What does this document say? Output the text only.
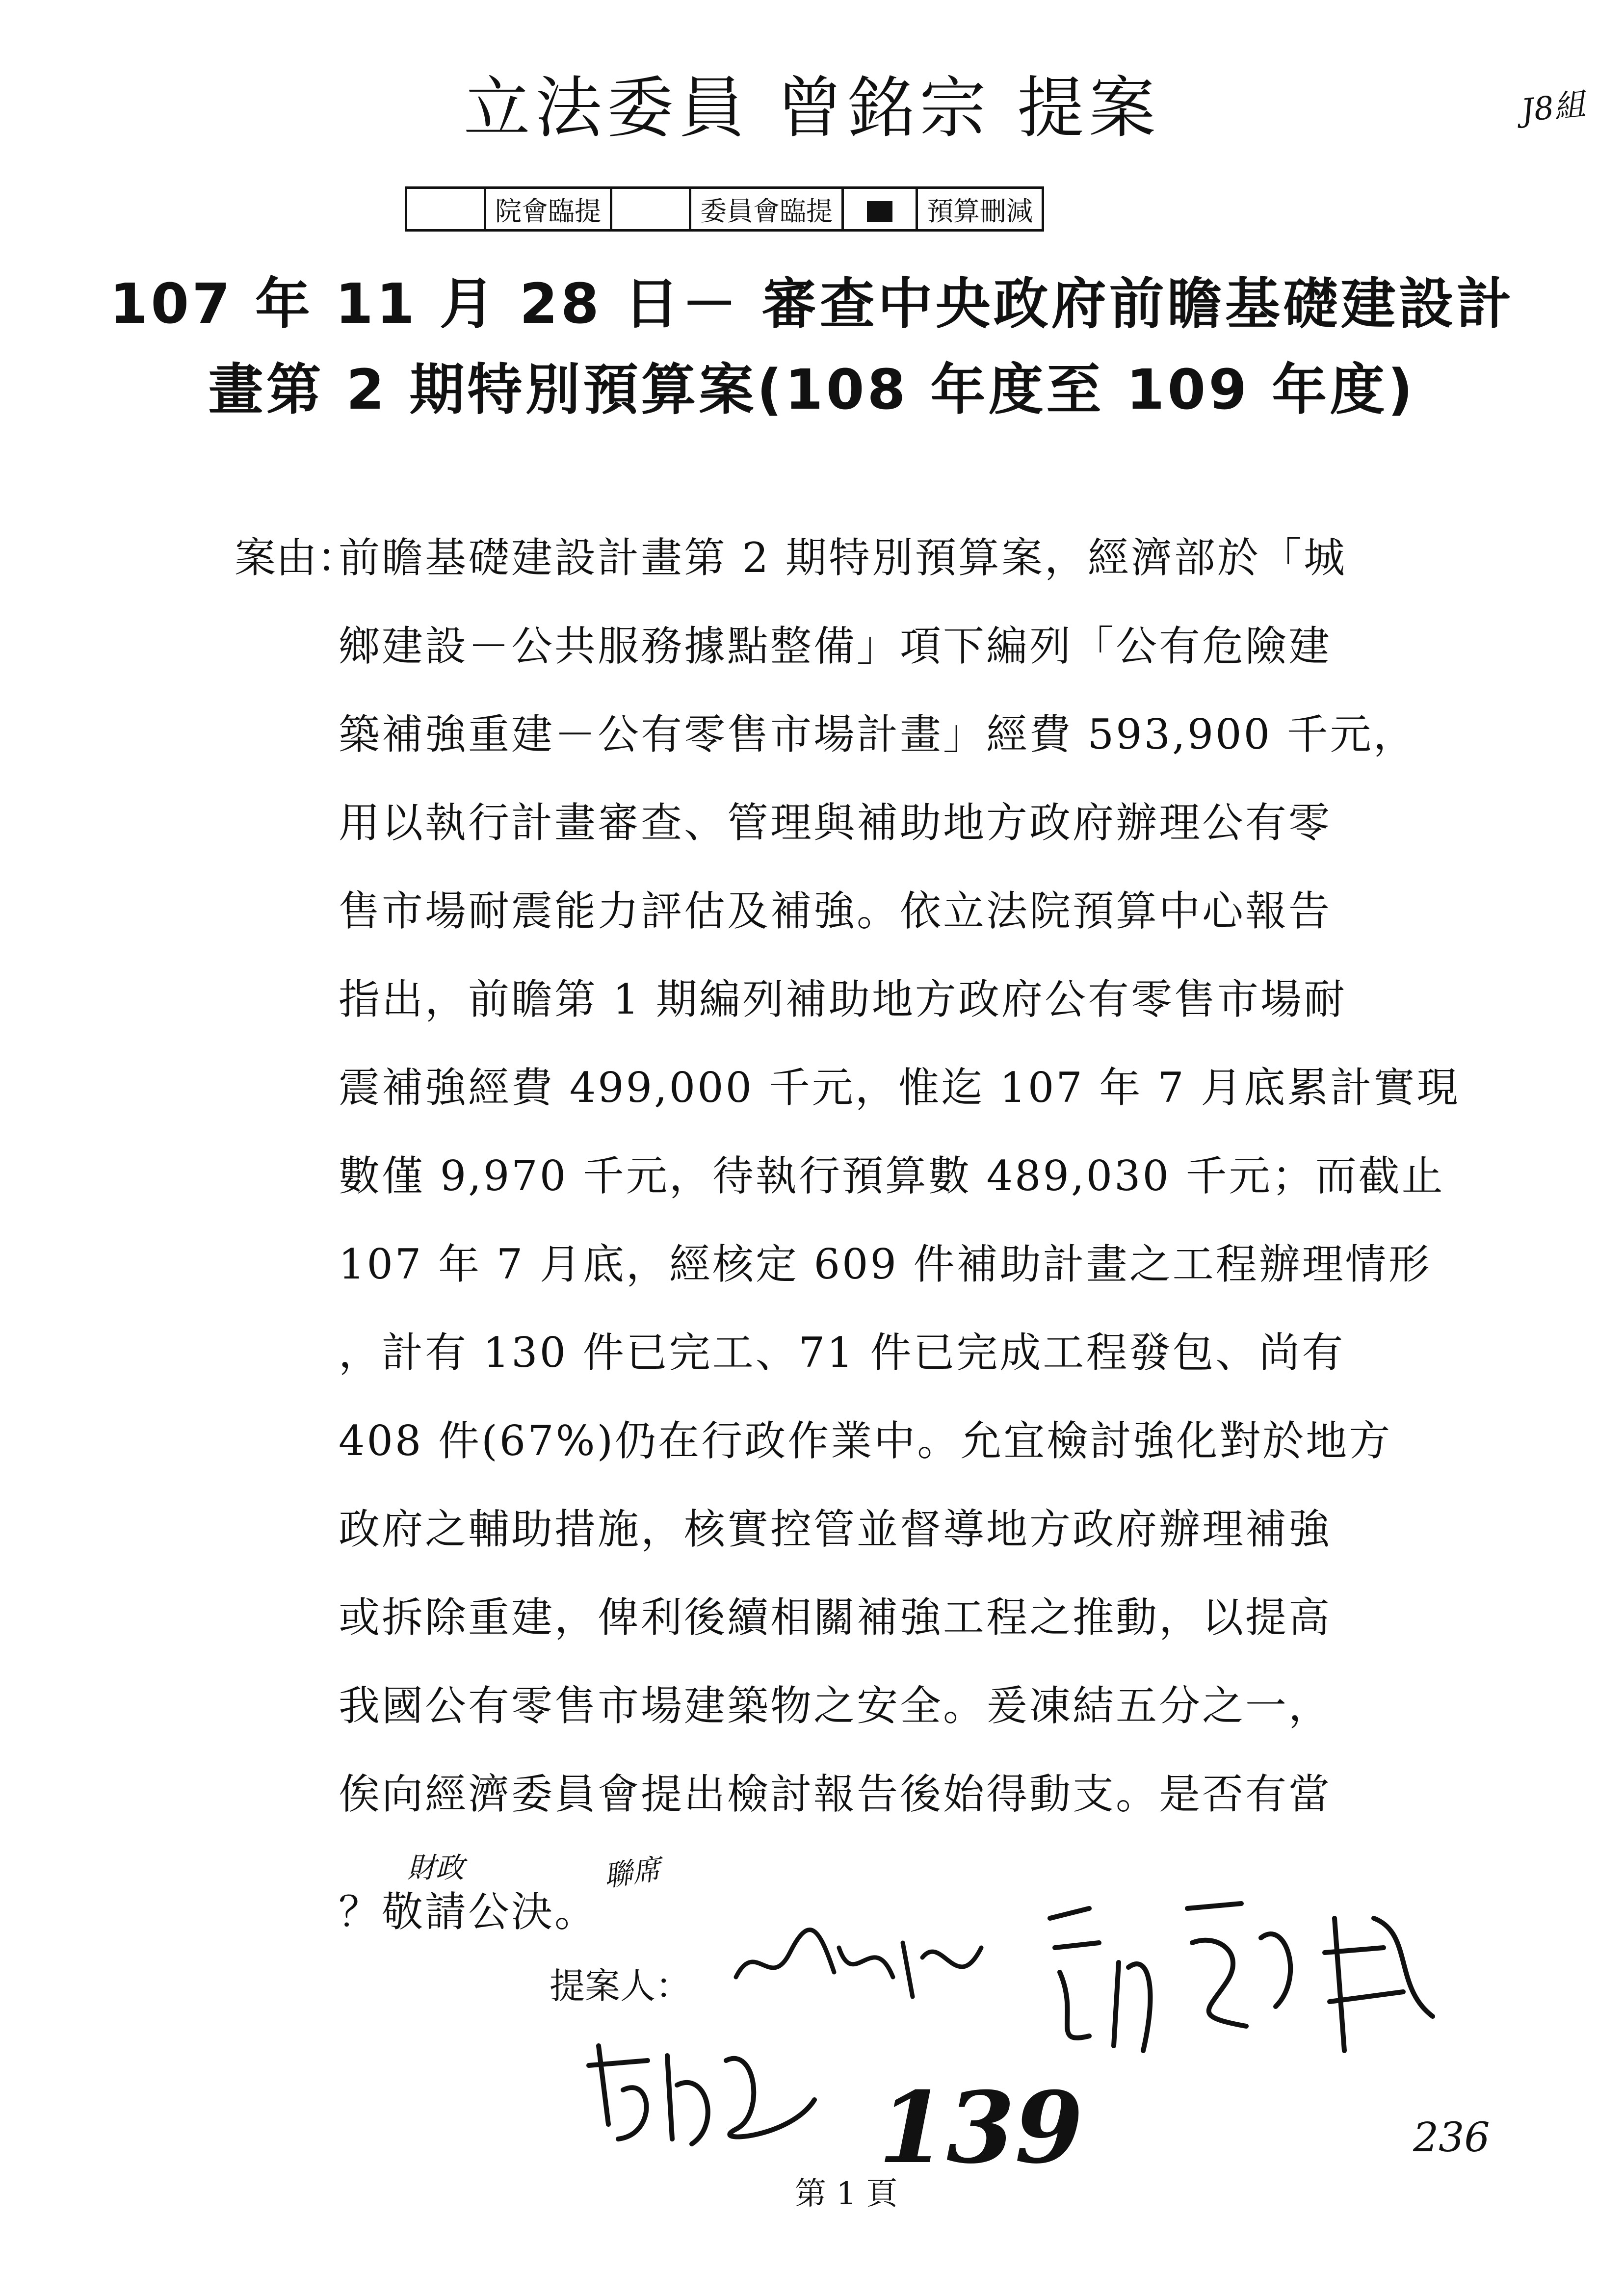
立法委員 曾銘宗 提案	J8組
	院會臨提		委員會臨提		預算刪減
107 年 11 月 28 日－ 審查中央政府前瞻基礎建設計
畫第 2 期特別預算案(108 年度至 109 年度)
案由：
前瞻基礎建設計畫第 2 期特別預算案，經濟部於「城
鄉建設－公共服務據點整備」項下編列「公有危險建
築補強重建－公有零售市場計畫」經費 593,900 千元，
用以執行計畫審查、管理與補助地方政府辦理公有零
售市場耐震能力評估及補強。依立法院預算中心報告
指出，前瞻第 1 期編列補助地方政府公有零售市場耐
震補強經費 499,000 千元，惟迄 107 年 7 月底累計實現
數僅 9,970 千元，待執行預算數 489,030 千元；而截止
107 年 7 月底，經核定 609 件補助計畫之工程辦理情形
，計有 130 件已完工、71 件已完成工程發包、尚有
408 件(67%)仍在行政作業中。允宜檢討強化對於地方
政府之輔助措施，核實控管並督導地方政府辦理補強
或拆除重建，俾利後續相關補強工程之推動，以提高
我國公有零售市場建築物之安全。爰凍結五分之一，
俟向經濟委員會提出檢討報告後始得動支。是否有當
？敬請公決。
財政	聯席
提案人：
139
第 1 頁
236
